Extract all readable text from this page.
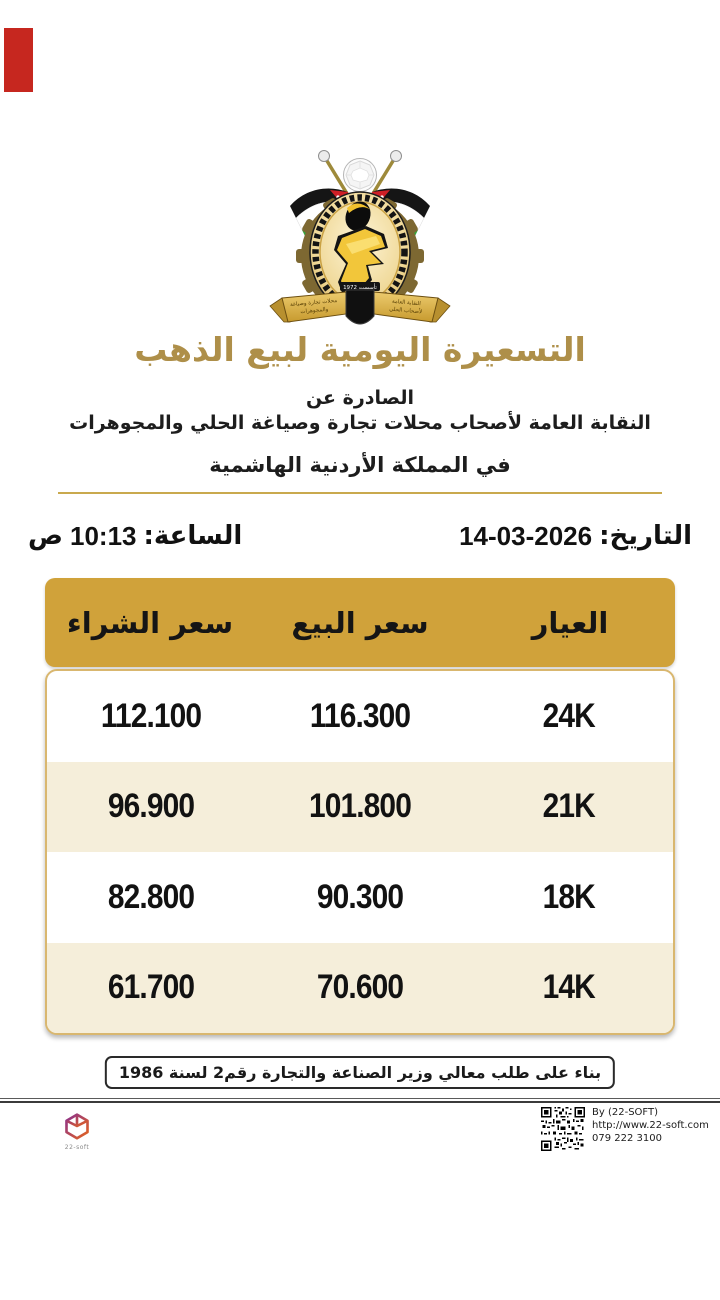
تأسست 1972
النقابة العامة
لأصحاب الحلي
محلات تجارة وصياغة
والمجوهرات
التسعيرة اليومية لبيع الذهب
الصادرة عن
النقابة العامة لأصحاب محلات تجارة وصياغة الحلي والمجوهرات
في المملكة الأردنية الهاشمية
التاريخ:
14-03-2026
الساعة:
10:13
ص
سعر الشراء	سعر البيع	العيار
112.100	116.300	24K
96.900	101.800	21K
82.800	90.300	18K
61.700	70.600	14K
بناء على طلب معالي وزير الصناعة والتجارة رقم2 لسنة 1986
By (22-SOFT)
http://www.22-soft.com
079 222 3100
22-soft
